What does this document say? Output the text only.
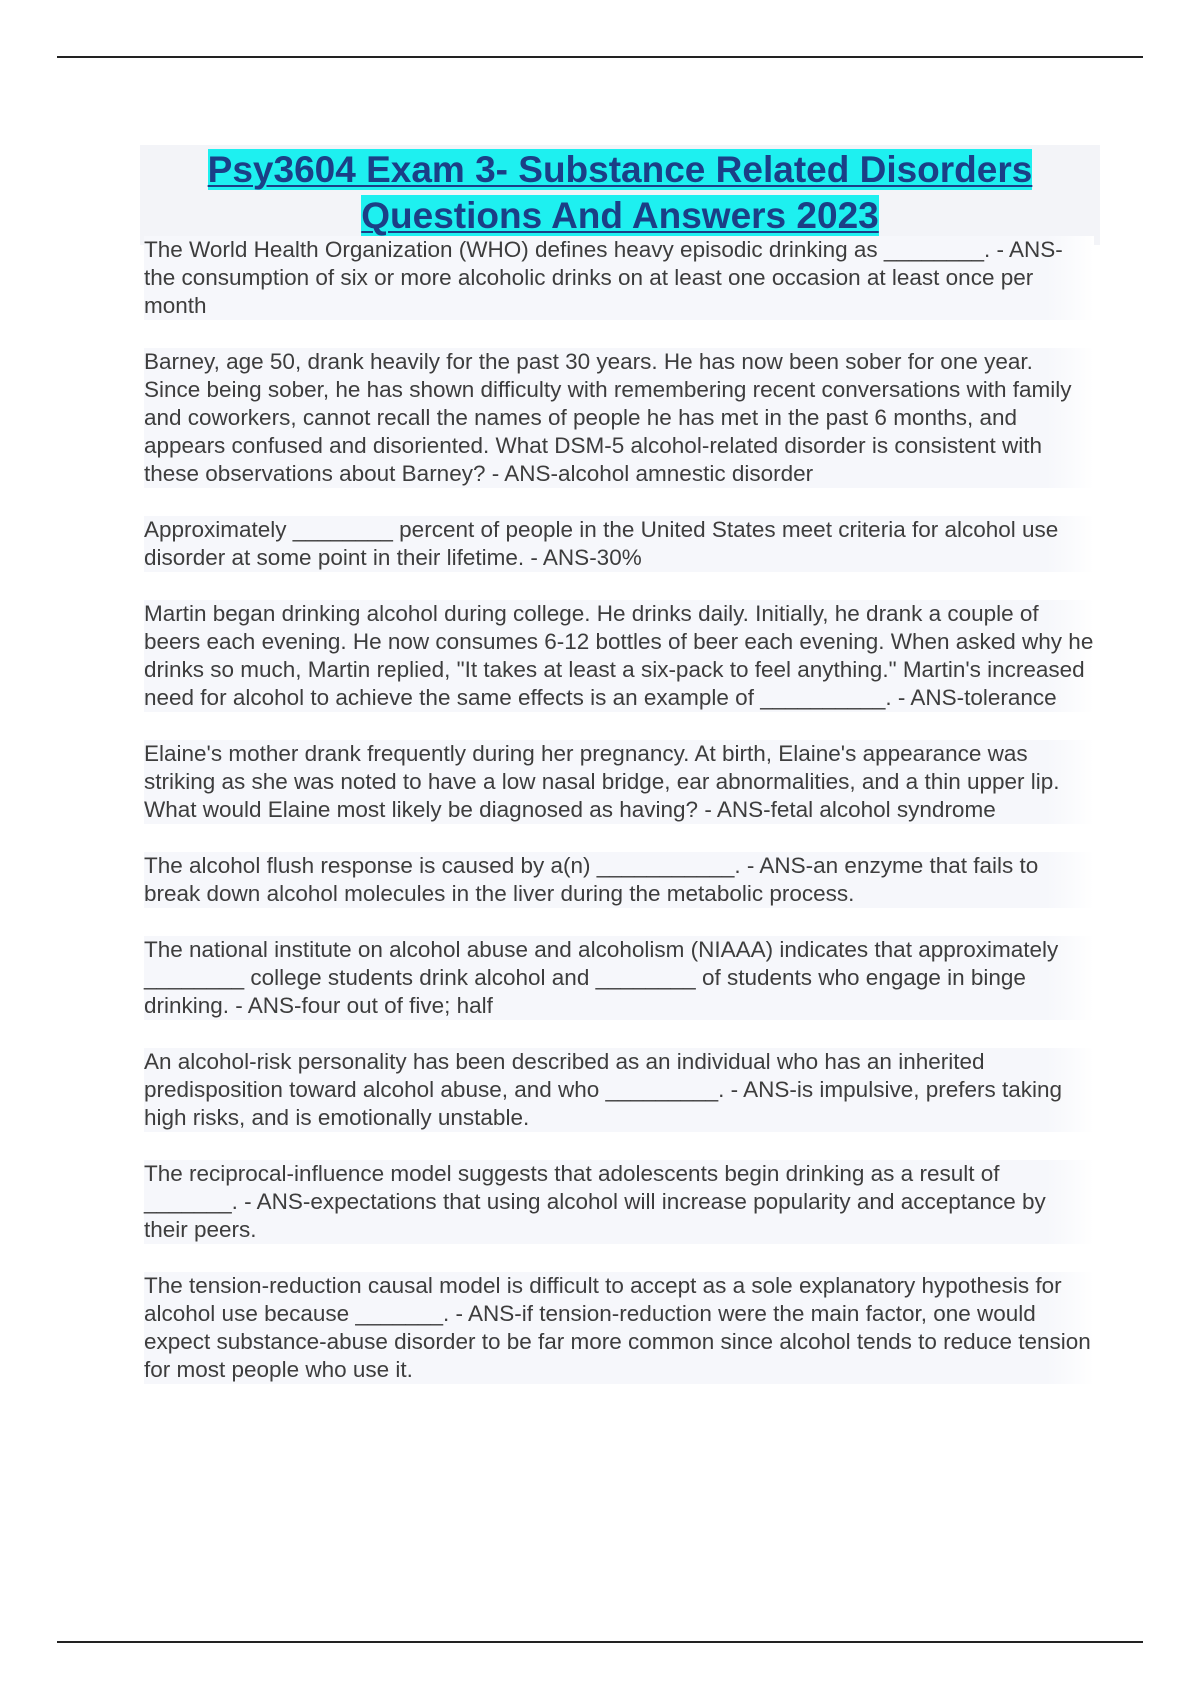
Psy3604 Exam 3- Substance Related Disorders
Questions And Answers 2023

The World Health Organization (WHO) defines heavy episodic drinking as ________. - ANS-the consumption of six or more alcoholic drinks on at least one occasion at least once per month

Barney, age 50, drank heavily for the past 30 years. He has now been sober for one year. Since being sober, he has shown difficulty with remembering recent conversations with family and coworkers, cannot recall the names of people he has met in the past 6 months, and appears confused and disoriented. What DSM-5 alcohol-related disorder is consistent with these observations about Barney? - ANS-alcohol amnestic disorder

Approximately ________ percent of people in the United States meet criteria for alcohol use disorder at some point in their lifetime. - ANS-30%

Martin began drinking alcohol during college. He drinks daily. Initially, he drank a couple of beers each evening. He now consumes 6-12 bottles of beer each evening. When asked why he drinks so much, Martin replied, "It takes at least a six-pack to feel anything." Martin's increased need for alcohol to achieve the same effects is an example of __________. - ANS-tolerance

Elaine's mother drank frequently during her pregnancy. At birth, Elaine's appearance was striking as she was noted to have a low nasal bridge, ear abnormalities, and a thin upper lip. What would Elaine most likely be diagnosed as having? - ANS-fetal alcohol syndrome

The alcohol flush response is caused by a(n) ___________. - ANS-an enzyme that fails to break down alcohol molecules in the liver during the metabolic process.

The national institute on alcohol abuse and alcoholism (NIAAA) indicates that approximately ________ college students drink alcohol and ________ of students who engage in binge drinking. - ANS-four out of five; half

An alcohol-risk personality has been described as an individual who has an inherited predisposition toward alcohol abuse, and who _________. - ANS-is impulsive, prefers taking high risks, and is emotionally unstable.

The reciprocal-influence model suggests that adolescents begin drinking as a result of _______. - ANS-expectations that using alcohol will increase popularity and acceptance by their peers.

The tension-reduction causal model is difficult to accept as a sole explanatory hypothesis for alcohol use because _______. - ANS-if tension-reduction were the main factor, one would expect substance-abuse disorder to be far more common since alcohol tends to reduce tension for most people who use it.
